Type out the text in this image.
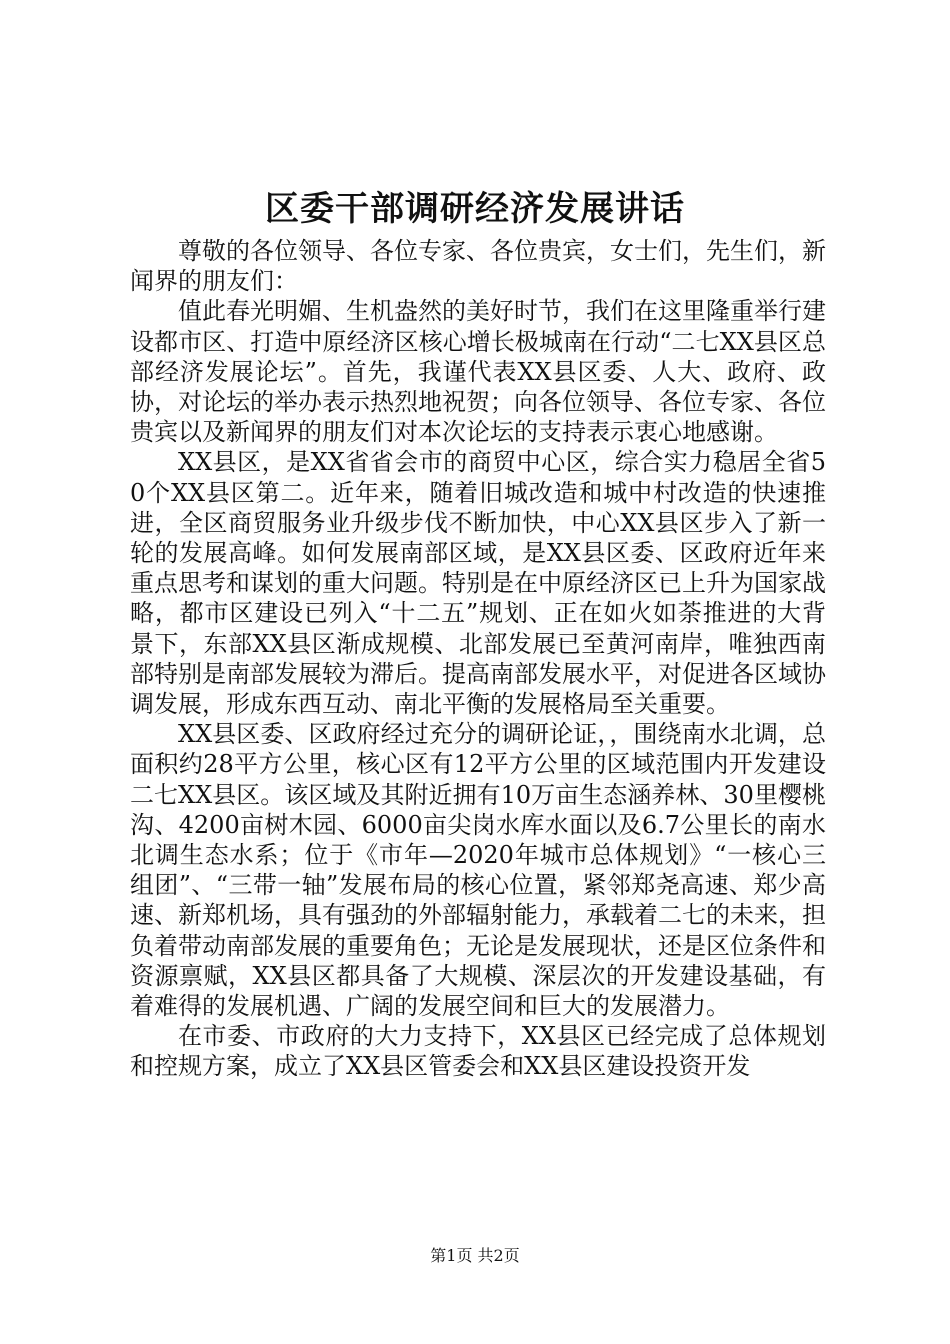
区委干部调研经济发展讲话

尊敬的各位领导、各位专家、各位贵宾，女士们，先生们，新闻界的朋友们：

值此春光明媚、生机盎然的美好时节，我们在这里隆重举行建设都市区、打造中原经济区核心增长极城南在行动“二七XX县区总部经济发展论坛”。首先，我谨代表XX县区委、人大、政府、政协，对论坛的举办表示热烈地祝贺；向各位领导、各位专家、各位贵宾以及新闻界的朋友们对本次论坛的支持表示衷心地感谢。

XX县区，是XX省省会市的商贸中心区，综合实力稳居全省50个XX县区第二。近年来，随着旧城改造和城中村改造的快速推进，全区商贸服务业升级步伐不断加快，中心XX县区步入了新一轮的发展高峰。如何发展南部区域，是XX县区委、区政府近年来重点思考和谋划的重大问题。特别是在中原经济区已上升为国家战略，都市区建设已列入“十二五”规划、正在如火如荼推进的大背景下，东部XX县区渐成规模、北部发展已至黄河南岸，唯独西南部特别是南部发展较为滞后。提高南部发展水平，对促进各区域协调发展，形成东西互动、南北平衡的发展格局至关重要。

XX县区委、区政府经过充分的调研论证，，围绕南水北调，总面积约28平方公里，核心区有12平方公里的区域范围内开发建设二七XX县区。该区域及其附近拥有10万亩生态涵养林、30里樱桃沟、4200亩树木园、6000亩尖岗水库水面以及6.7公里长的南水北调生态水系；位于《市年—2020年城市总体规划》“一核心三组团”、“三带一轴”发展布局的核心位置，紧邻郑尧高速、郑少高速、新郑机场，具有强劲的外部辐射能力，承载着二七的未来，担负着带动南部发展的重要角色；无论是发展现状，还是区位条件和资源禀赋，XX县区都具备了大规模、深层次的开发建设基础，有着难得的发展机遇、广阔的发展空间和巨大的发展潜力。

在市委、市政府的大力支持下，XX县区已经完成了总体规划和控规方案，成立了XX县区管委会和XX县区建设投资开发

第1页 共2页
